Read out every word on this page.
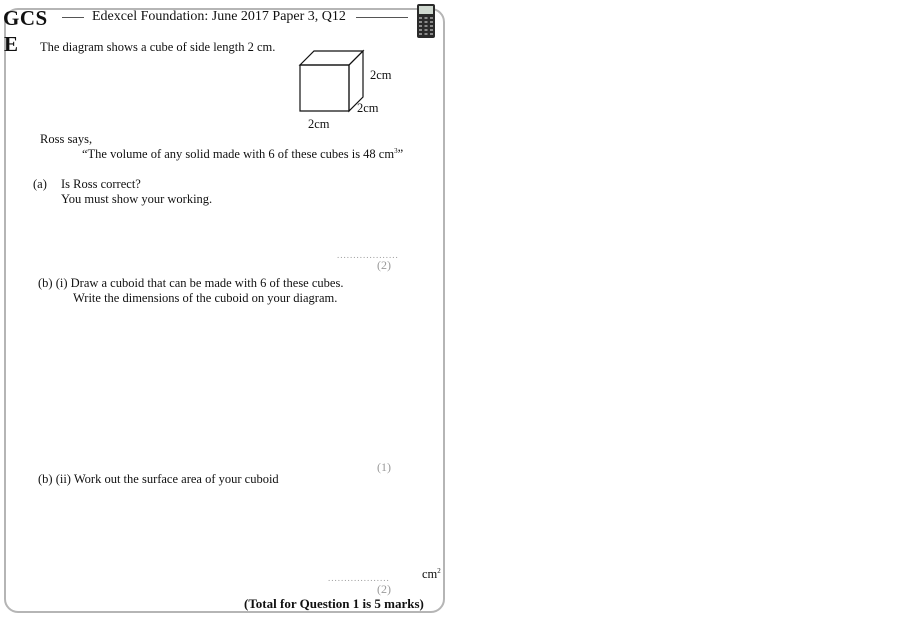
GCS
E
Edexcel Foundation: June 2017 Paper 3, Q12
The diagram shows a cube of side length 2 cm.
2cm
2cm
2cm
Ross says,
“The volume of any solid made with 6 of these cubes is 48 $cm^3$”
(a) Is Ross correct?
You must show your working.
...................
(2)
(b) (i) Draw a cuboid that can be made with 6 of these cubes.
Write the dimensions of the cuboid on your diagram.
(1)
(b) (ii) Work out the surface area of your cuboid
...................	$cm^2$
(2)
(Total for Question 1 is 5 marks)
